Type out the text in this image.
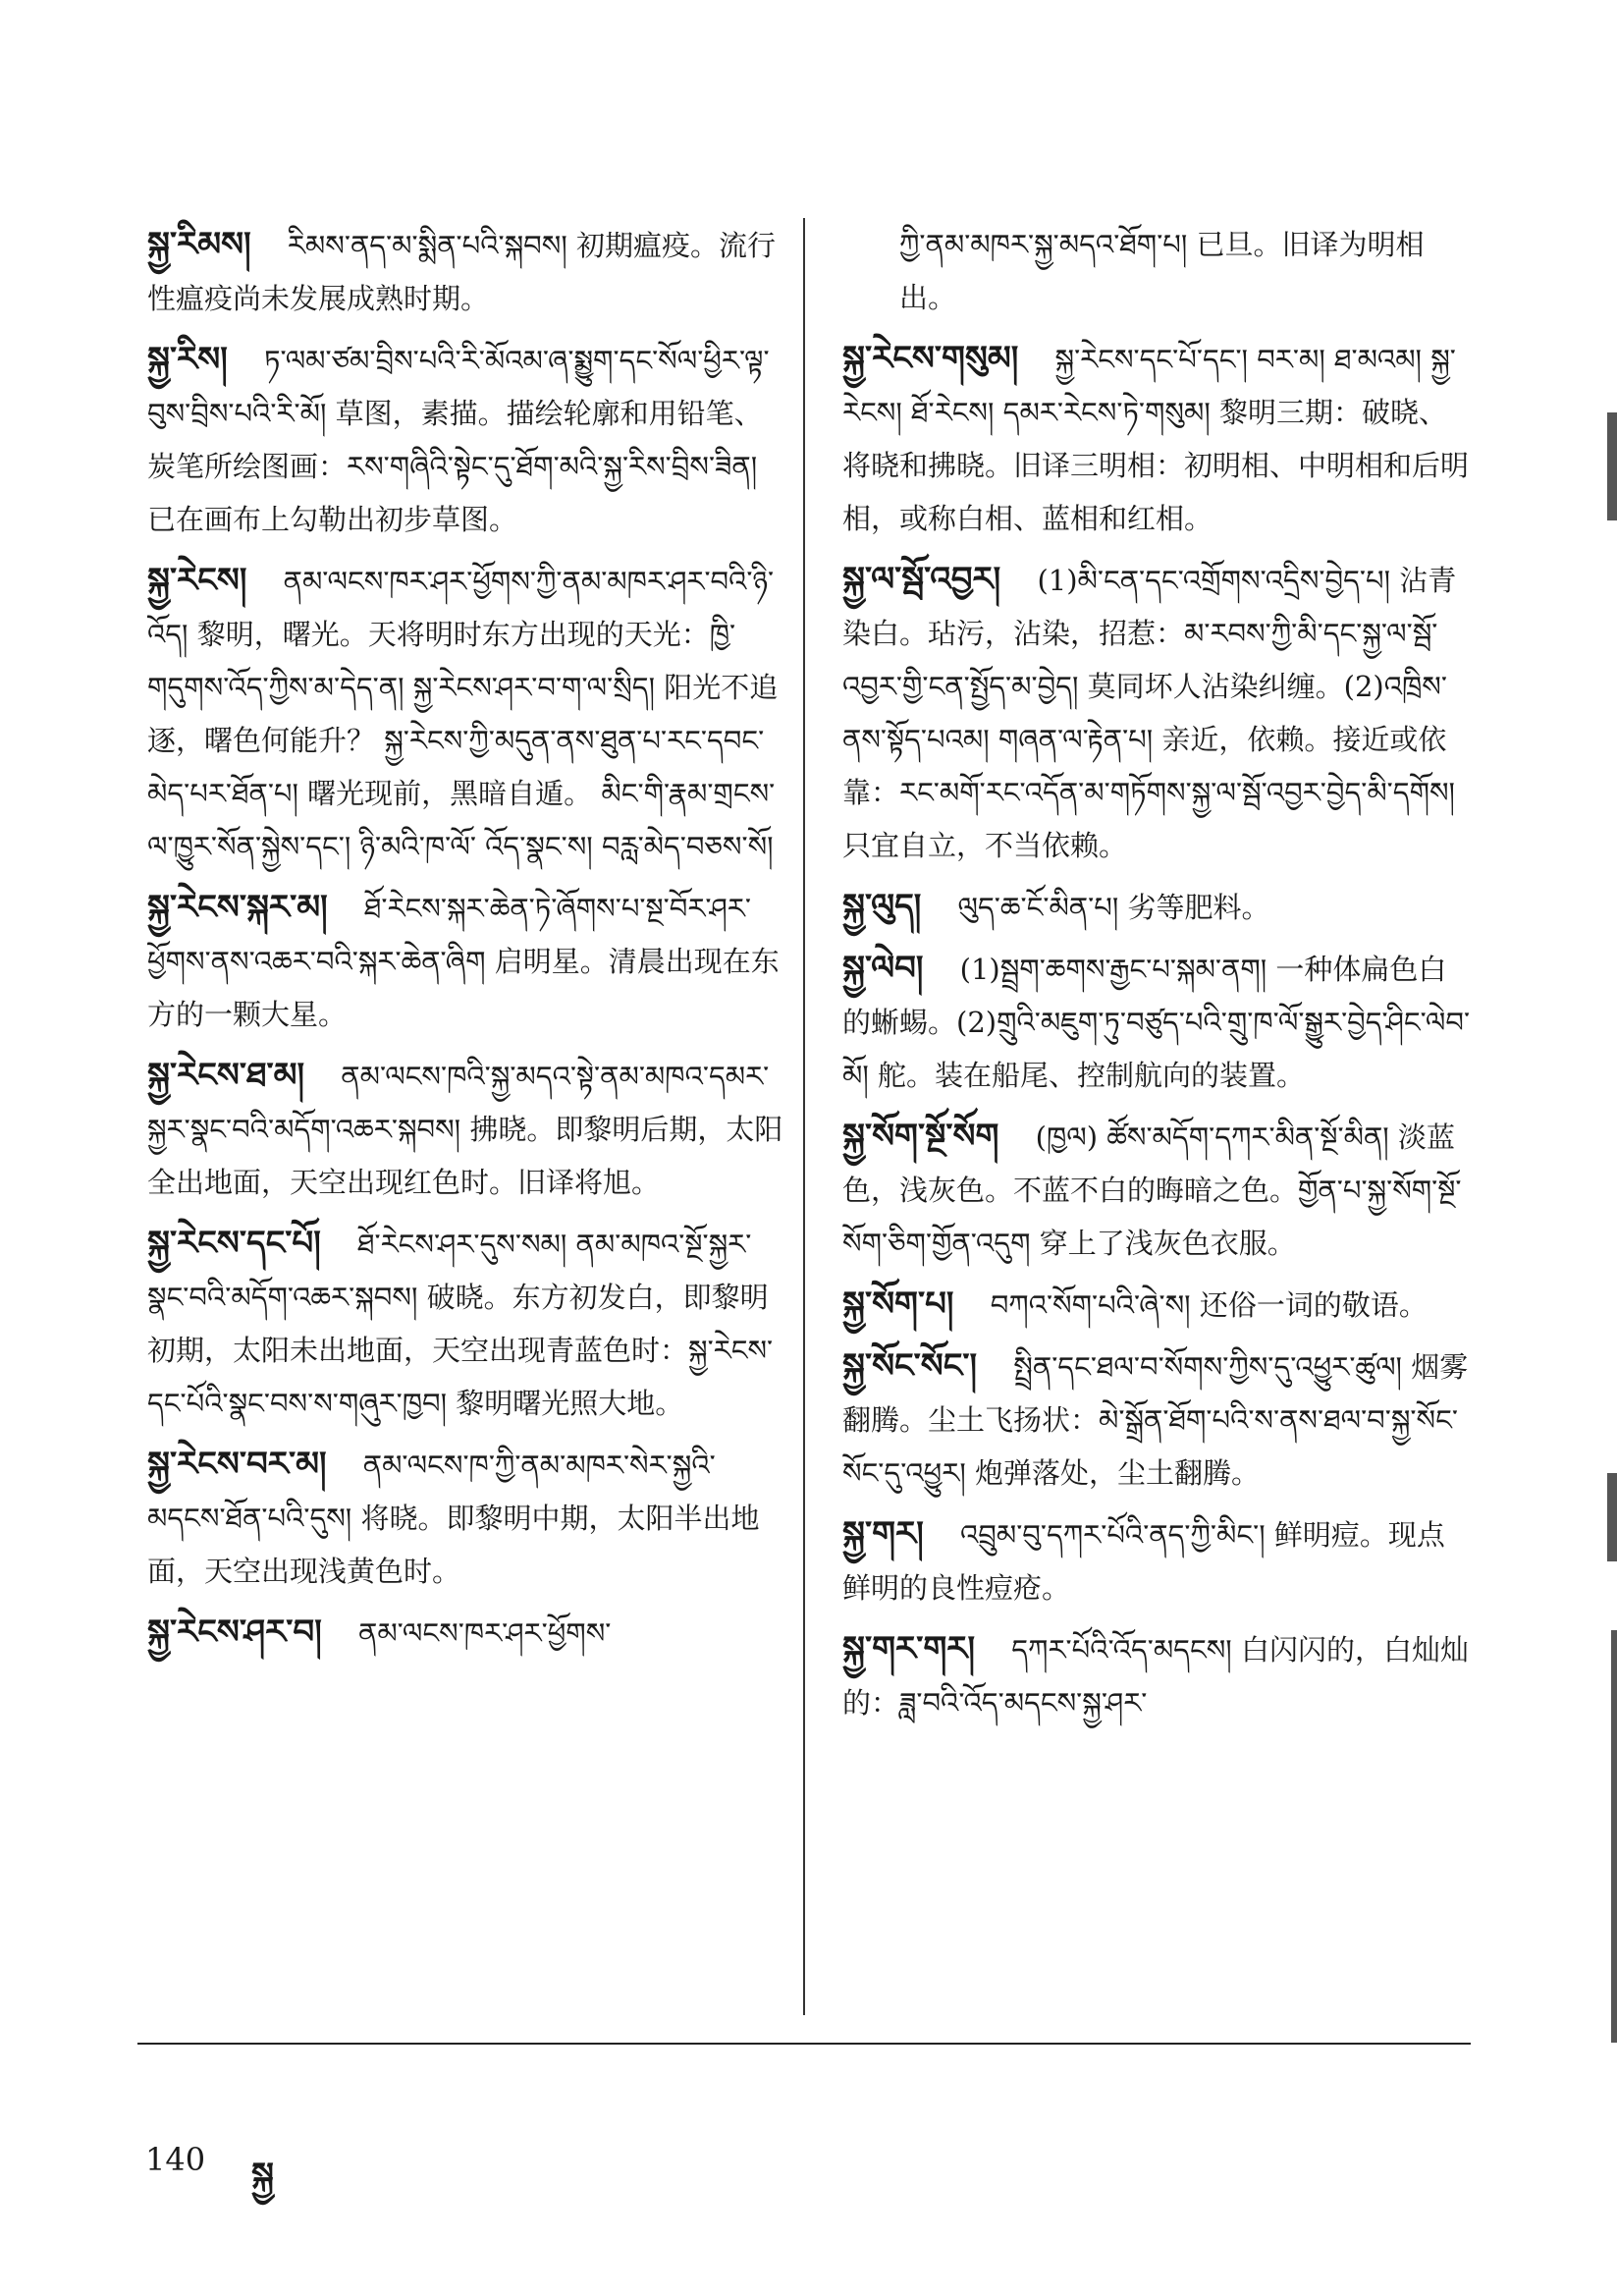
སྐྱ་རིམས། རིམས་ནད་མ་སྨིན་པའི་སྐབས། 初期瘟疫。流行性瘟疫尚未发展成熟时期。
སྐྱ་རིས། ཏ་ལམ་ཙམ་བྲིས་པའི་རི་མོའམ་ཞ་སྨྱུག་དང་སོལ་ཕྱིར་ལྟ་བུས་བྲིས་པའི་རི་མོ། 草图，素描。描绘轮廓和用铅笔、炭笔所绘图画：རས་གཞིའི་སྟེང་དུ་ཐོག་མའི་སྐྱ་རིས་བྲིས་ཟིན། 已在画布上勾勒出初步草图。
སྐྱ་རེངས། ནམ་ལངས་ཁར་ཤར་ཕྱོགས་ཀྱི་ནམ་མཁར་ཤར་བའི་ཉི་འོད། 黎明，曙光。天将明时东方出现的天光：ཁྱི་གདུགས་འོད་ཀྱིས་མ་དེད་ན། སྐྱ་རེངས་ཤར་བ་ག་ལ་སྲིད། 阳光不追逐，曙色何能升？ སྐྱ་རེངས་ཀྱི་མདུན་ནས་ཐུན་པ་རང་དབང་མེད་པར་ཐོན་པ། 曙光现前，黑暗自遁。 མིང་གི་རྣམ་གྲངས་ལ་ཁྱུར་སོན་སྐྱེས་དང་། ཉི་མའི་ཁ་ལོ་ འོད་སྣང་ས། བརླ་མེད་བཅས་སོ།
སྐྱ་རེངས་སྐར་མ། ཐོ་རེངས་སྐར་ཆེན་ཏེ་ཞོགས་པ་སྔ་བོར་ཤར་ཕྱོགས་ནས་འཆར་བའི་སྐར་ཆེན་ཞིག 启明星。清晨出现在东方的一颗大星。
སྐྱ་རེངས་ཐ་མ། ནམ་ལངས་ཁའི་སྐྱ་མདའ་སྟེ་ནམ་མཁའ་དམར་སྐྱར་སྣང་བའི་མདོག་འཆར་སྐབས། 拂晓。即黎明后期，太阳全出地面，天空出现红色时。旧译将旭。
སྐྱ་རེངས་དང་པོ། ཐོ་རེངས་ཤར་དུས་སམ། ནམ་མཁའ་སྔོ་སྐྱར་སྣང་བའི་མདོག་འཆར་སྐབས། 破晓。东方初发白，即黎明初期，太阳未出地面，天空出现青蓝色时：སྐྱ་རེངས་དང་པོའི་སྣང་བས་ས་གཞུར་ཁྱབ། 黎明曙光照大地。
སྐྱ་རེངས་བར་མ། ནམ་ལངས་ཁ་ཀྱི་ནམ་མཁར་སེར་སྐྱའི་མདངས་ཐོན་པའི་དུས། 将晓。即黎明中期，太阳半出地面，天空出现浅黄色时。
སྐྱ་རེངས་ཤར་བ། ནམ་ལངས་ཁར་ཤར་ཕྱོགས་
ཀྱི་ནམ་མཁར་སྐྱ་མདའ་ཐོག་པ། 已旦。旧译为明相出。
སྐྱ་རེངས་གསུམ། སྐྱ་རེངས་དང་པོ་དང་། བར་མ། ཐ་མའམ། སྐྱ་རེངས། ཐོ་རེངས། དམར་རེངས་ཏེ་གསུམ། 黎明三期：破晓、将晓和拂晓。旧译三明相：初明相、中明相和后明相，或称白相、蓝相和红相。
སྐྱ་ལ་སྦོ་འབྱར། (1)མི་ངན་དང་འགྲོགས་འདྲིས་བྱེད་པ། 沾青染白。玷污，沾染，招惹：མ་རབས་ཀྱི་མི་དང་སྐྱ་ལ་སྦོ་འབྱར་གྱི་ངན་སྤྱོད་མ་བྱེད། 莫同坏人沾染纠缠。(2)འཁྲིས་ནས་སྟོད་པའམ། གཞན་ལ་རྟེན་པ། 亲近，依赖。接近或依靠：རང་མགོ་རང་འདོན་མ་གཏོགས་སྐྱ་ལ་སྦོ་འབྱར་བྱེད་མི་དགོས། 只宜自立，不当依赖。
སྐྱ་ལུད། ལུད་ཆ་ངོ་མིན་པ། 劣等肥料。
སྐྱ་ལེབ། (1)སྦྲག་ཆགས་རྒྱང་པ་སྐམ་ནག། 一种体扁色白的蜥蜴。(2)གྲུའི་མཇུག་ཏུ་བཙུད་པའི་གྲུ་ཁ་ལོ་སྒྱུར་བྱེད་ཤིང་ལེབ་མོ། 舵。装在船尾、控制航向的装置。
སྐྱ་སོག་སྔོ་སོག (ཁྱལ) ཚོས་མདོག་དཀར་མིན་སྔོ་མིན། 淡蓝色，浅灰色。不蓝不白的晦暗之色。གྱོན་པ་སྐྱ་སོག་སྔོ་སོག་ཅིག་གྱོན་འདུག 穿上了浅灰色衣服。
སྐྱ་སོག་པ། བཀའ་སོག་པའི་ཞེ་ས། 还俗一词的敬语。
སྐྱ་སོང་སོང་། སྤྲིན་དང་ཐལ་བ་སོགས་ཀྱིས་དུ་འཕྱུར་ཚུལ། 烟雾翻腾。尘土飞扬状：མེ་སྒྲོན་ཐོག་པའི་ས་ནས་ཐལ་བ་སྐྱ་སོང་སོང་དུ་འཕྱུར། 炮弹落处，尘土翻腾。
སྐྱ་གར། འབྲུམ་བུ་དཀར་པོའི་ནད་ཀྱི་མིང་། 鲜明痘。现点鲜明的良性痘疮。
སྐྱ་གར་གར། དཀར་པོའི་འོད་མདངས། 白闪闪的，白灿灿的：ཟླ་བའི་འོད་མདངས་སྐྱ་ཤར་
140 སྐྱ
